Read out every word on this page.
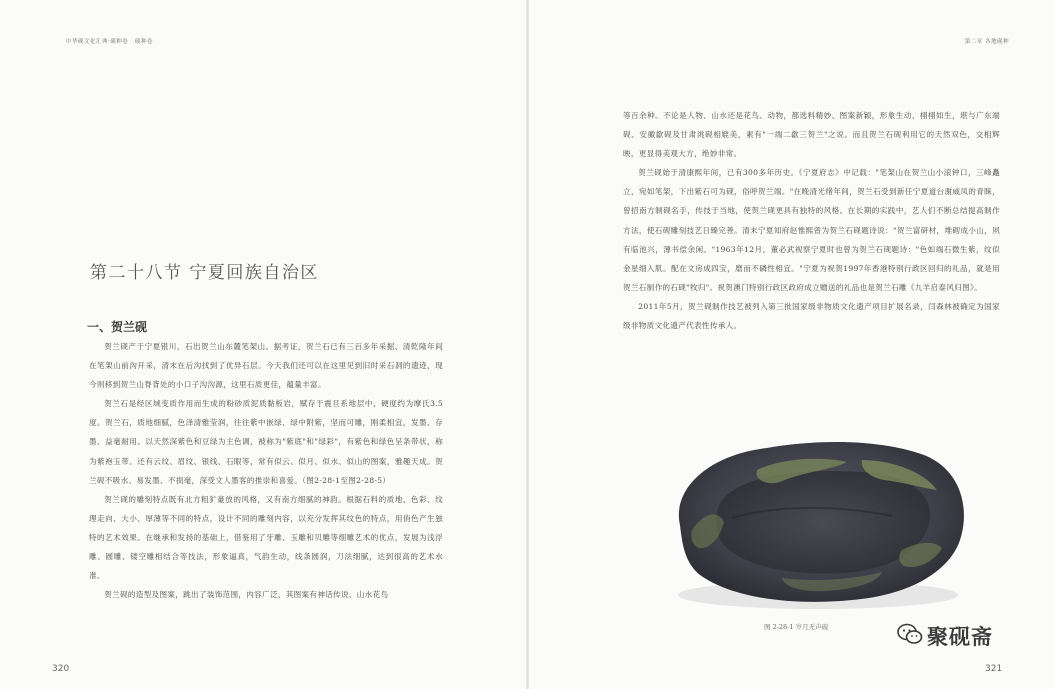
中华砚文化汇典·砚种卷 砚种卷	第二章 各地砚种
第二十八节 宁夏回族自治区
一、贺兰砚

贺兰砚产于宁夏银川，石出贺兰山东麓笔架山。据考证，贺兰石已有三百多年采掘、清乾隆年间在笔架山前沟开采，清末在后沟找到了优异石层。今天我们还可以在这里见到旧时采石洞的遗迹，现今则移到贺兰山脊背处的小口子沟沟源，这里石质更佳，蕴量丰富。

贺兰石是经区域变质作用而生成的粉砂质泥质黏板岩，赋存于震旦系地层中，硬度约为摩氏3.5度。贺兰石，质地细腻，色泽清雅莹润，往往紫中嵌绿、绿中附紫，坚而可雕，刚柔相宜，发墨、存墨、益毫耐用。以天然深紫色和豆绿为主色调，被称为"紫底"和"绿彩"，有紫色和绿色呈条带状，称为紫袍玉带。还有云纹、眉纹、银线、石眼等，常有似云、似月、似水、似山的图案，雅趣天成。贺兰砚不吸水、易发墨、不损毫，深受文人墨客的推崇和喜爱。（图2-28-1至图2-28-5）

贺兰砚的雕刻特点既有北方粗犷豪放的风格，又有南方细腻的神韵。根据石料的质地、色彩、纹理走向、大小、厚薄等不同的特点，设计不同的雕刻内容，以充分发挥其纹色的特点，用俏色产生独特的艺术效果。在继承和发扬的基础上，借鉴用了牙雕、玉雕和贝雕等细雕艺术的优点，发展为浅浮雕、圆雕、镂空雕相结合等技法，形象逼真，气韵生动，线条圆润，刀法细腻，达到很高的艺术水准。

贺兰砚的造型及图案，跳出了装饰范围，内容广泛，其图案有神话传说、山水花鸟

等百余种。不论是人物、山水还是花鸟、动物，都选料精妙、图案新颖，形象生动、栩栩如生，堪与广东端砚、安徽歙砚及甘肃洮砚相媲美，素有"一端二歙三贺兰"之说。而且贺兰石砚利用它的天然双色，交相辉映，更显得美观大方，绝妙非常。

贺兰砚始于清康熙年间，已有300多年历史。《宁夏府志》中记载："笔架山在贺兰山小滚钟口，三峰矗立，宛如笔架，下出紫石可为砚，俗呼贺兰端。"在晚清光绪年间，贺兰石受到新任宁夏道台谢威凤的青睐，曾招南方制砚名手，传技于当地，使贺兰砚更具有独特的风格。在长期的实践中，艺人们不断总结提高制作方法，使石砚雕刻技艺日臻完善。清末宁夏知府赵惟熙曾为贺兰石砚题诗说："贺兰富研材，堆砌成小山，夙有临池兴，薄书偿余闲。"1963年12月，董必武视察宁夏时也曾为贺兰石砚题诗："色如端石微生紫，纹似金星细入肌。配在文房成四宝，磨而不磷性相宜。"宁夏为祝贺1997年香港特别行政区回归的礼品，就是用贺兰石制作的石砚"牧归"。祝贺澳门特别行政区政府成立赠送的礼品也是贺兰石雕《九羊启泰风归图》。

2011年5月，贺兰砚制作技艺被列入第三批国家级非物质文化遗产项目扩展名录，闫森林被确定为国家级非物质文化遗产代表性传承人。

图 2-28-1 岁月无声砚
320	321
聚砚斋
